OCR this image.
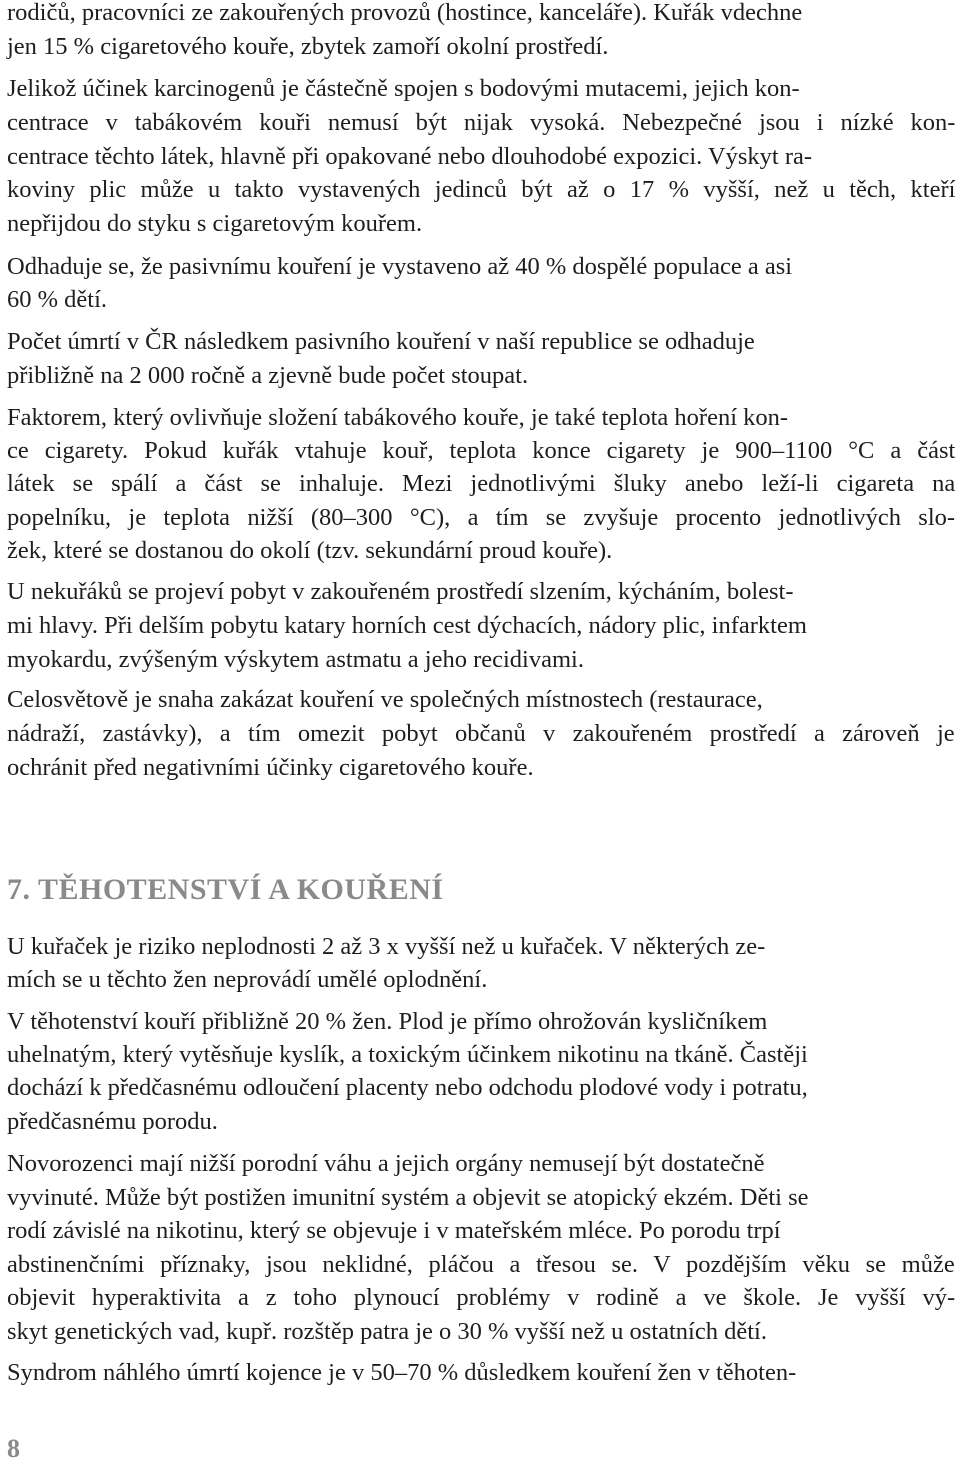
rodičů, pracovníci ze zakouřených provozů (hostince, kanceláře). Kuřák vdechne
jen 15 % cigaretového kouře, zbytek zamoří okolní prostředí.
Jelikož účinek karcinogenů je částečně spojen s bodovými mutacemi, jejich kon-
centrace v tabákovém kouři nemusí být nijak vysoká. Nebezpečné jsou i nízké kon-
centrace těchto látek, hlavně při opakované nebo dlouhodobé expozici. Výskyt ra-
koviny plic může u takto vystavených jedinců být až o 17 % vyšší, než u těch, kteří
nepřijdou do styku s cigaretovým kouřem.
Odhaduje se, že pasivnímu kouření je vystaveno až 40 % dospělé populace a asi
60 % dětí.
Počet úmrtí v ČR následkem pasivního kouření v naší republice se odhaduje
přibližně na 2 000 ročně a zjevně bude počet stoupat.
Faktorem, který ovlivňuje složení tabákového kouře, je také teplota hoření kon-
ce cigarety. Pokud kuřák vtahuje kouř, teplota konce cigarety je 900–1100 °C a část
látek se spálí a část se inhaluje. Mezi jednotlivými šluky anebo leží-li cigareta na
popelníku, je teplota nižší (80–300 °C), a tím se zvyšuje procento jednotlivých slo-
žek, které se dostanou do okolí (tzv. sekundární proud kouře).
U nekuřáků se projeví pobyt v zakouřeném prostředí slzením, kýcháním, bolest-
mi hlavy. Při delším pobytu katary horních cest dýchacích, nádory plic, infarktem
myokardu, zvýšeným výskytem astmatu a jeho recidivami.
Celosvětově je snaha zakázat kouření ve společných místnostech (restaurace,
nádraží, zastávky), a tím omezit pobyt občanů v zakouřeném prostředí a zároveň je
ochránit před negativními účinky cigaretového kouře.
7. TĚHOTENSTVÍ A KOUŘENÍ
U kuřaček je riziko neplodnosti 2 až 3 x vyšší než u kuřaček. V některých ze-
mích se u těchto žen neprovádí umělé oplodnění.
V těhotenství kouří přibližně 20 % žen. Plod je přímo ohrožován kysličníkem
uhelnatým, který vytěsňuje kyslík, a toxickým účinkem nikotinu na tkáně. Častěji
dochází k předčasnému odloučení placenty nebo odchodu plodové vody i potratu,
předčasnému porodu.
Novorozenci mají nižší porodní váhu a jejich orgány nemusejí být dostatečně
vyvinuté. Může být postižen imunitní systém a objevit se atopický ekzém. Děti se
rodí závislé na nikotinu, který se objevuje i v mateřském mléce. Po porodu trpí
abstinenčními příznaky, jsou neklidné, pláčou a třesou se. V pozdějším věku se může
objevit hyperaktivita a z toho plynoucí problémy v rodině a ve škole. Je vyšší vý-
skyt genetických vad, kupř. rozštěp patra je o 30 % vyšší než u ostatních dětí.
Syndrom náhlého úmrtí kojence je v 50–70 % důsledkem kouření žen v těhoten-
8
